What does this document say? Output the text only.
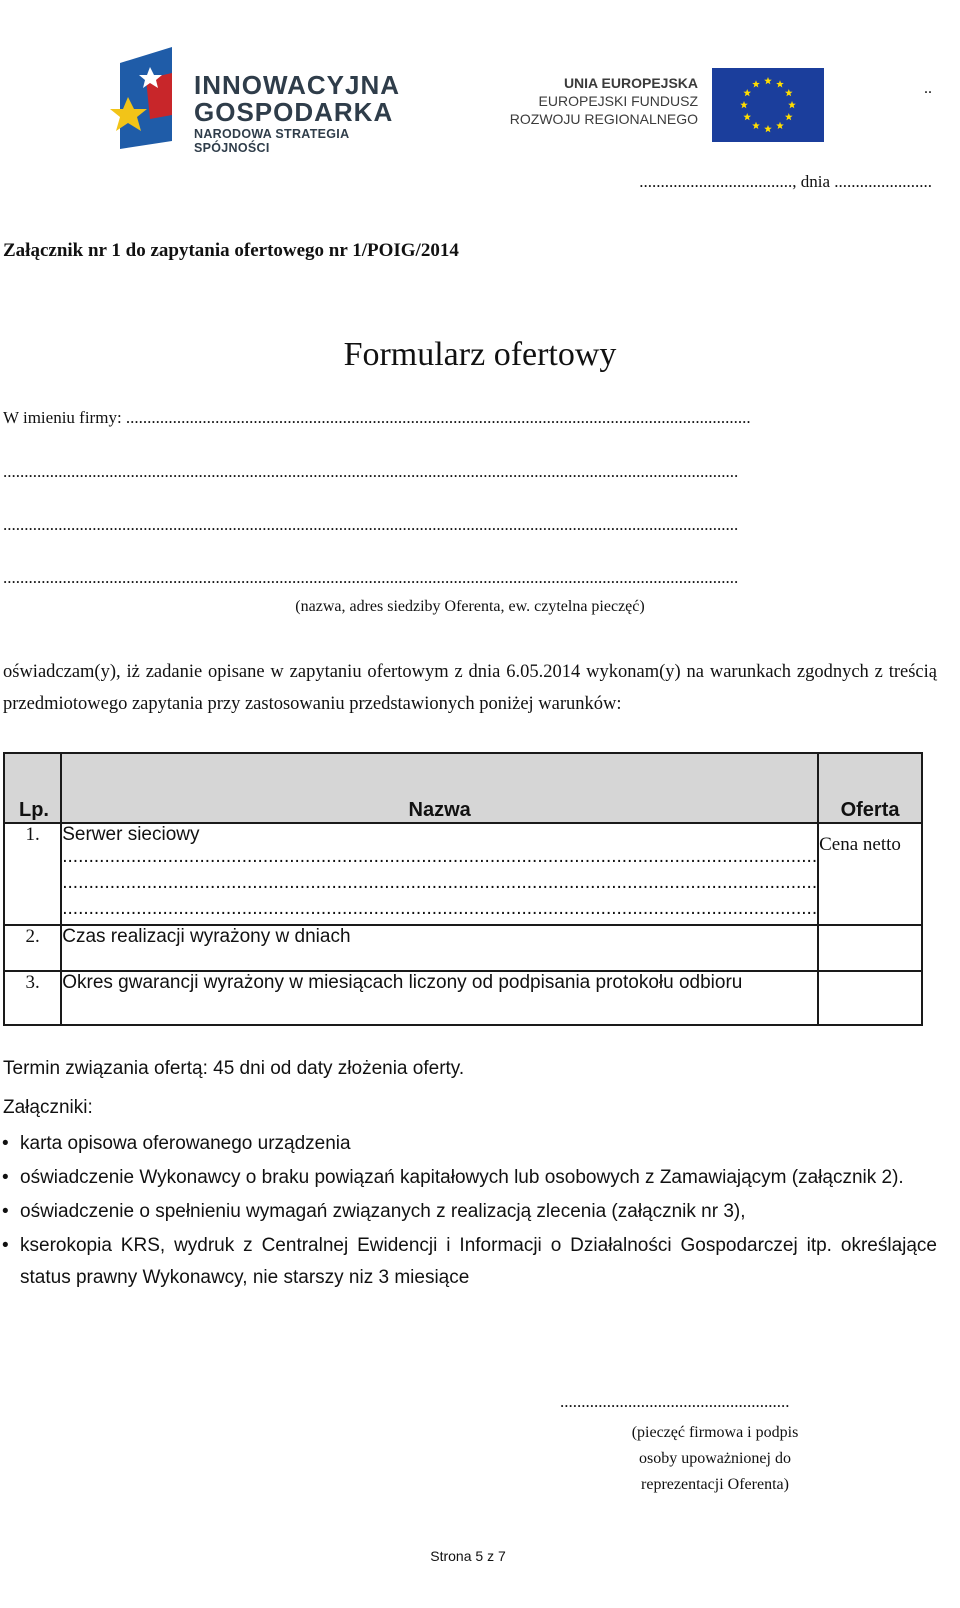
INNOWACYJNA
GOSPODARKA
NARODOWA STRATEGIA SPÓJNOŚCI
UNIA EUROPEJSKA
EUROPEJSKI FUNDUSZ
ROZWOJU REGIONALNEGO
..
...................................., dnia .......................
Załącznik nr 1 do zapytania ofertowego nr 1/POIG/2014
Formularz ofertowy
W imieniu firmy: ...................................................................................................................................................
.............................................................................................................................................................................
.............................................................................................................................................................................
.............................................................................................................................................................................
(nazwa, adres siedziby Oferenta, ew. czytelna pieczęć)
oświadczam(y), iż zadanie opisane w zapytaniu ofertowym z dnia 6.05.2014 wykonam(y) na warunkach zgodnych z treścią przedmiotowego zapytania przy zastosowaniu przedstawionych poniżej warunków:
Lp.	Nazwa	Oferta
1.	Serwer sieciowy
...............................................................................................................................................
...............................................................................................................................................
...............................................................................................................................................	Cena netto
2.	Czas realizacji wyrażony w dniach	
3.	Okres gwarancji wyrażony w miesiącach liczony od podpisania protokołu odbioru	
Termin związania ofertą: 45 dni od daty złożenia oferty.
Załączniki:
• karta opisowa oferowanego urządzenia
• oświadczenie Wykonawcy o braku powiązań kapitałowych lub osobowych z Zamawiającym (załącznik 2).
• oświadczenie o spełnieniu wymagań związanych z realizacją zlecenia (załącznik nr 3),
• kserokopia KRS, wydruk z Centralnej Ewidencji i Informacji o Działalności Gospodarczej itp. określające status prawny Wykonawcy, nie starszy niz 3 miesiące
......................................................
(pieczęć firmowa i podpis
osoby upoważnionej do
reprezentacji Oferenta)
Strona 5 z 7
